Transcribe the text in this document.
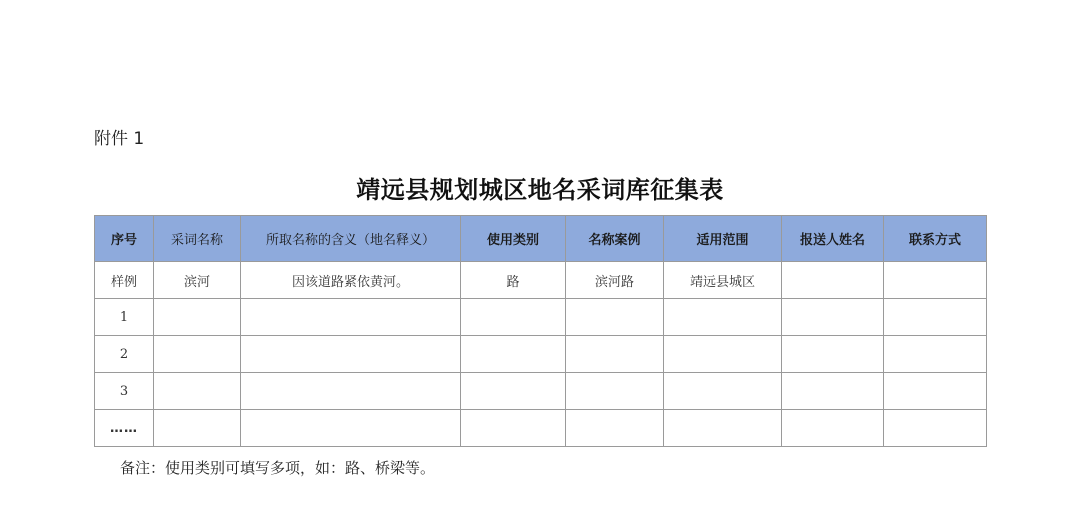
附件 1
靖远县规划城区地名采词库征集表
序号	采词名称	所取名称的含义（地名释义）	使用类别	名称案例	适用范围	报送人姓名	联系方式
样例	滨河	因该道路紧依黄河。	路	滨河路	靖远县城区		
1							
2							
3							
……							
备注：使用类别可填写多项，如：路、桥梁等。
